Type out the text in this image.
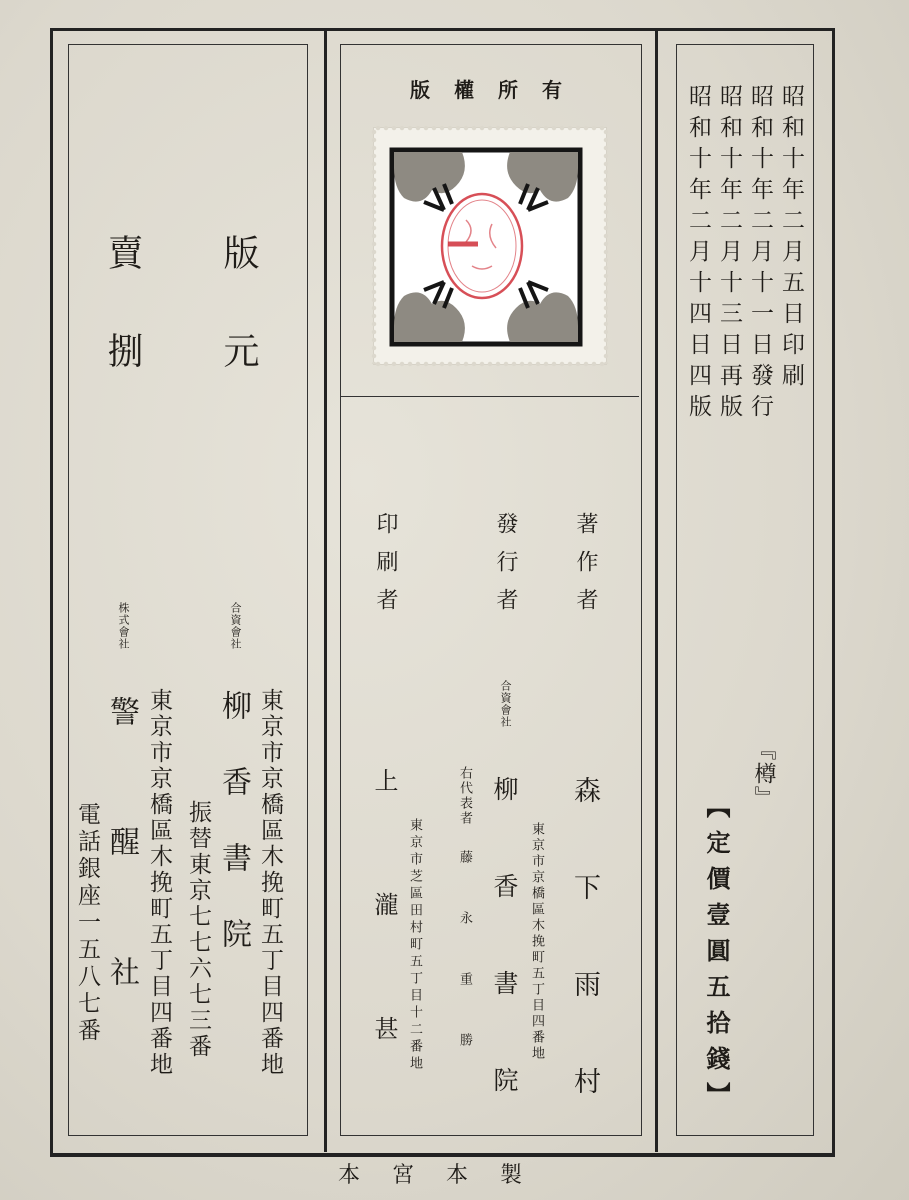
版元
賣捌
合資會社
柳香書院 東京市京橋區木挽町五丁目四番地
振替東京七七六七三番
株式會社
警醒社 東京市京橋區木挽町五丁目四番地
電話銀座一五八七番
版權所有
著作者
森下雨村
發行者
合資會社
柳香書院 東京市京橋區木挽町五丁目四番地
右代表者
藤永重勝
印刷者
上瀧甚 東京市芝區田村町五丁目十二番地
昭和十年二月五日印刷
昭和十年二月十一日發行
昭和十年二月十三日再版
昭和十年二月十四日四版
『樽』
【定價壹圓五拾錢】
本宮本製
